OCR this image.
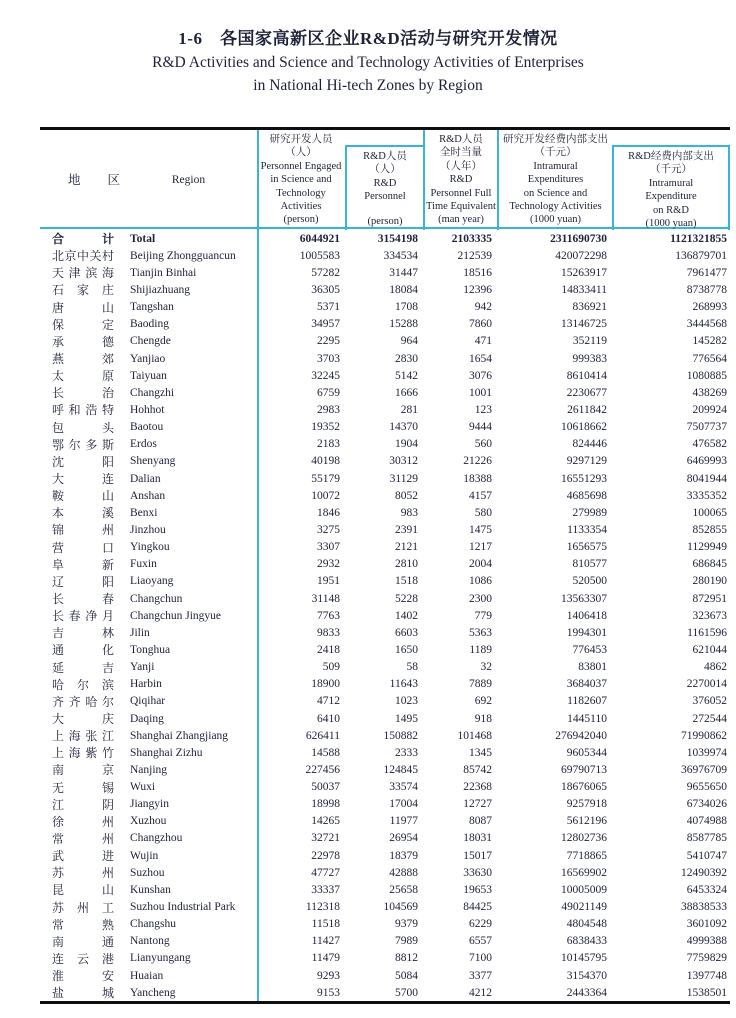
1-6　各国家高新区企业R&D活动与研究开发情况
R&D Activities and Science and Technology Activities of Enterprises
in National Hi-tech Zones by Region
地区	Region
研究开发人员
（人）
Personnel Engaged
in Science and
Technology
Activities
(person)
R&D人员
（人）
R&D
Personnel
(person)
R&D人员
全时当量
（人年）
R&D
Personnel Full
Time Equivalent
(man year)
研究开发经费内部支出
（千元）
Intramural
Expenditures
on Science and
Technology Activities
(1000 yuan)
R&D经费内部支出
（千元）
Intramural
Expenditure
on R&D
(1000 yuan)
合计	Total	6044921	3154198	2103335	2311690730	1121321855
北京中关村	Beijing Zhongguancun	1005583	334534	212539	420072298	136879701
天津滨海	Tianjin Binhai	57282	31447	18516	15263917	7961477
石家庄	Shijiazhuang	36305	18084	12396	14833411	8738778
唐山	Tangshan	5371	1708	942	836921	268993
保定	Baoding	34957	15288	7860	13146725	3444568
承德	Chengde	2295	964	471	352119	145282
燕郊	Yanjiao	3703	2830	1654	999383	776564
太原	Taiyuan	32245	5142	3076	8610414	1080885
长治	Changzhi	6759	1666	1001	2230677	438269
呼和浩特	Hohhot	2983	281	123	2611842	209924
包头	Baotou	19352	14370	9444	10618662	7507737
鄂尔多斯	Erdos	2183	1904	560	824446	476582
沈阳	Shenyang	40198	30312	21226	9297129	6469993
大连	Dalian	55179	31129	18388	16551293	8041944
鞍山	Anshan	10072	8052	4157	4685698	3335352
本溪	Benxi	1846	983	580	279989	100065
锦州	Jinzhou	3275	2391	1475	1133354	852855
营口	Yingkou	3307	2121	1217	1656575	1129949
阜新	Fuxin	2932	2810	2004	810577	686845
辽阳	Liaoyang	1951	1518	1086	520500	280190
长春	Changchun	31148	5228	2300	13563307	872951
长春净月	Changchun Jingyue	7763	1402	779	1406418	323673
吉林	Jilin	9833	6603	5363	1994301	1161596
通化	Tonghua	2418	1650	1189	776453	621044
延吉	Yanji	509	58	32	83801	4862
哈尔滨	Harbin	18900	11643	7889	3684037	2270014
齐齐哈尔	Qiqihar	4712	1023	692	1182607	376052
大庆	Daqing	6410	1495	918	1445110	272544
上海张江	Shanghai Zhangjiang	626411	150882	101468	276942040	71990862
上海紫竹	Shanghai Zizhu	14588	2333	1345	9605344	1039974
南京	Nanjing	227456	124845	85742	69790713	36976709
无锡	Wuxi	50037	33574	22368	18676065	9655650
江阴	Jiangyin	18998	17004	12727	9257918	6734026
徐州	Xuzhou	14265	11977	8087	5612196	4074988
常州	Changzhou	32721	26954	18031	12802736	8587785
武进	Wujin	22978	18379	15017	7718865	5410747
苏州	Suzhou	47727	42888	33630	16569902	12490392
昆山	Kunshan	33337	25658	19653	10005009	6453324
苏州工	Suzhou Industrial Park	112318	104569	84425	49021149	38838533
常熟	Changshu	11518	9379	6229	4804548	3601092
南通	Nantong	11427	7989	6557	6838433	4999388
连云港	Lianyungang	11479	8812	7100	10145795	7759829
淮安	Huaian	9293	5084	3377	3154370	1397748
盐城	Yancheng	9153	5700	4212	2443364	1538501
